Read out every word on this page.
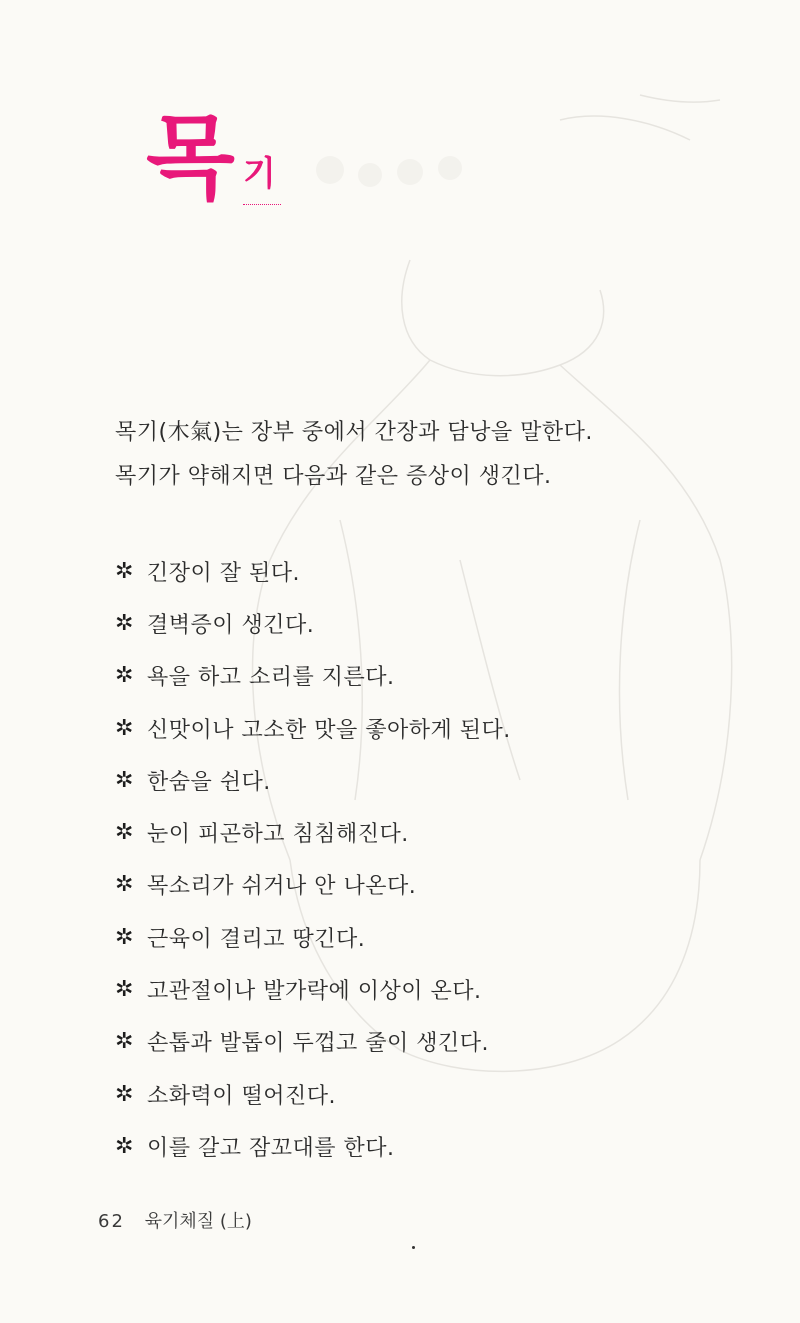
목 기
목기(木氣)는 장부 중에서 간장과 담낭을 말한다.
목기가 약해지면 다음과 같은 증상이 생긴다.
✲ 긴장이 잘 된다.
✲ 결벽증이 생긴다.
✲ 욕을 하고 소리를 지른다.
✲ 신맛이나 고소한 맛을 좋아하게 된다.
✲ 한숨을 쉰다.
✲ 눈이 피곤하고 침침해진다.
✲ 목소리가 쉬거나 안 나온다.
✲ 근육이 결리고 땅긴다.
✲ 고관절이나 발가락에 이상이 온다.
✲ 손톱과 발톱이 두껍고 줄이 생긴다.
✲ 소화력이 떨어진다.
✲ 이를 갈고 잠꼬대를 한다.
62 육기체질 (上)
